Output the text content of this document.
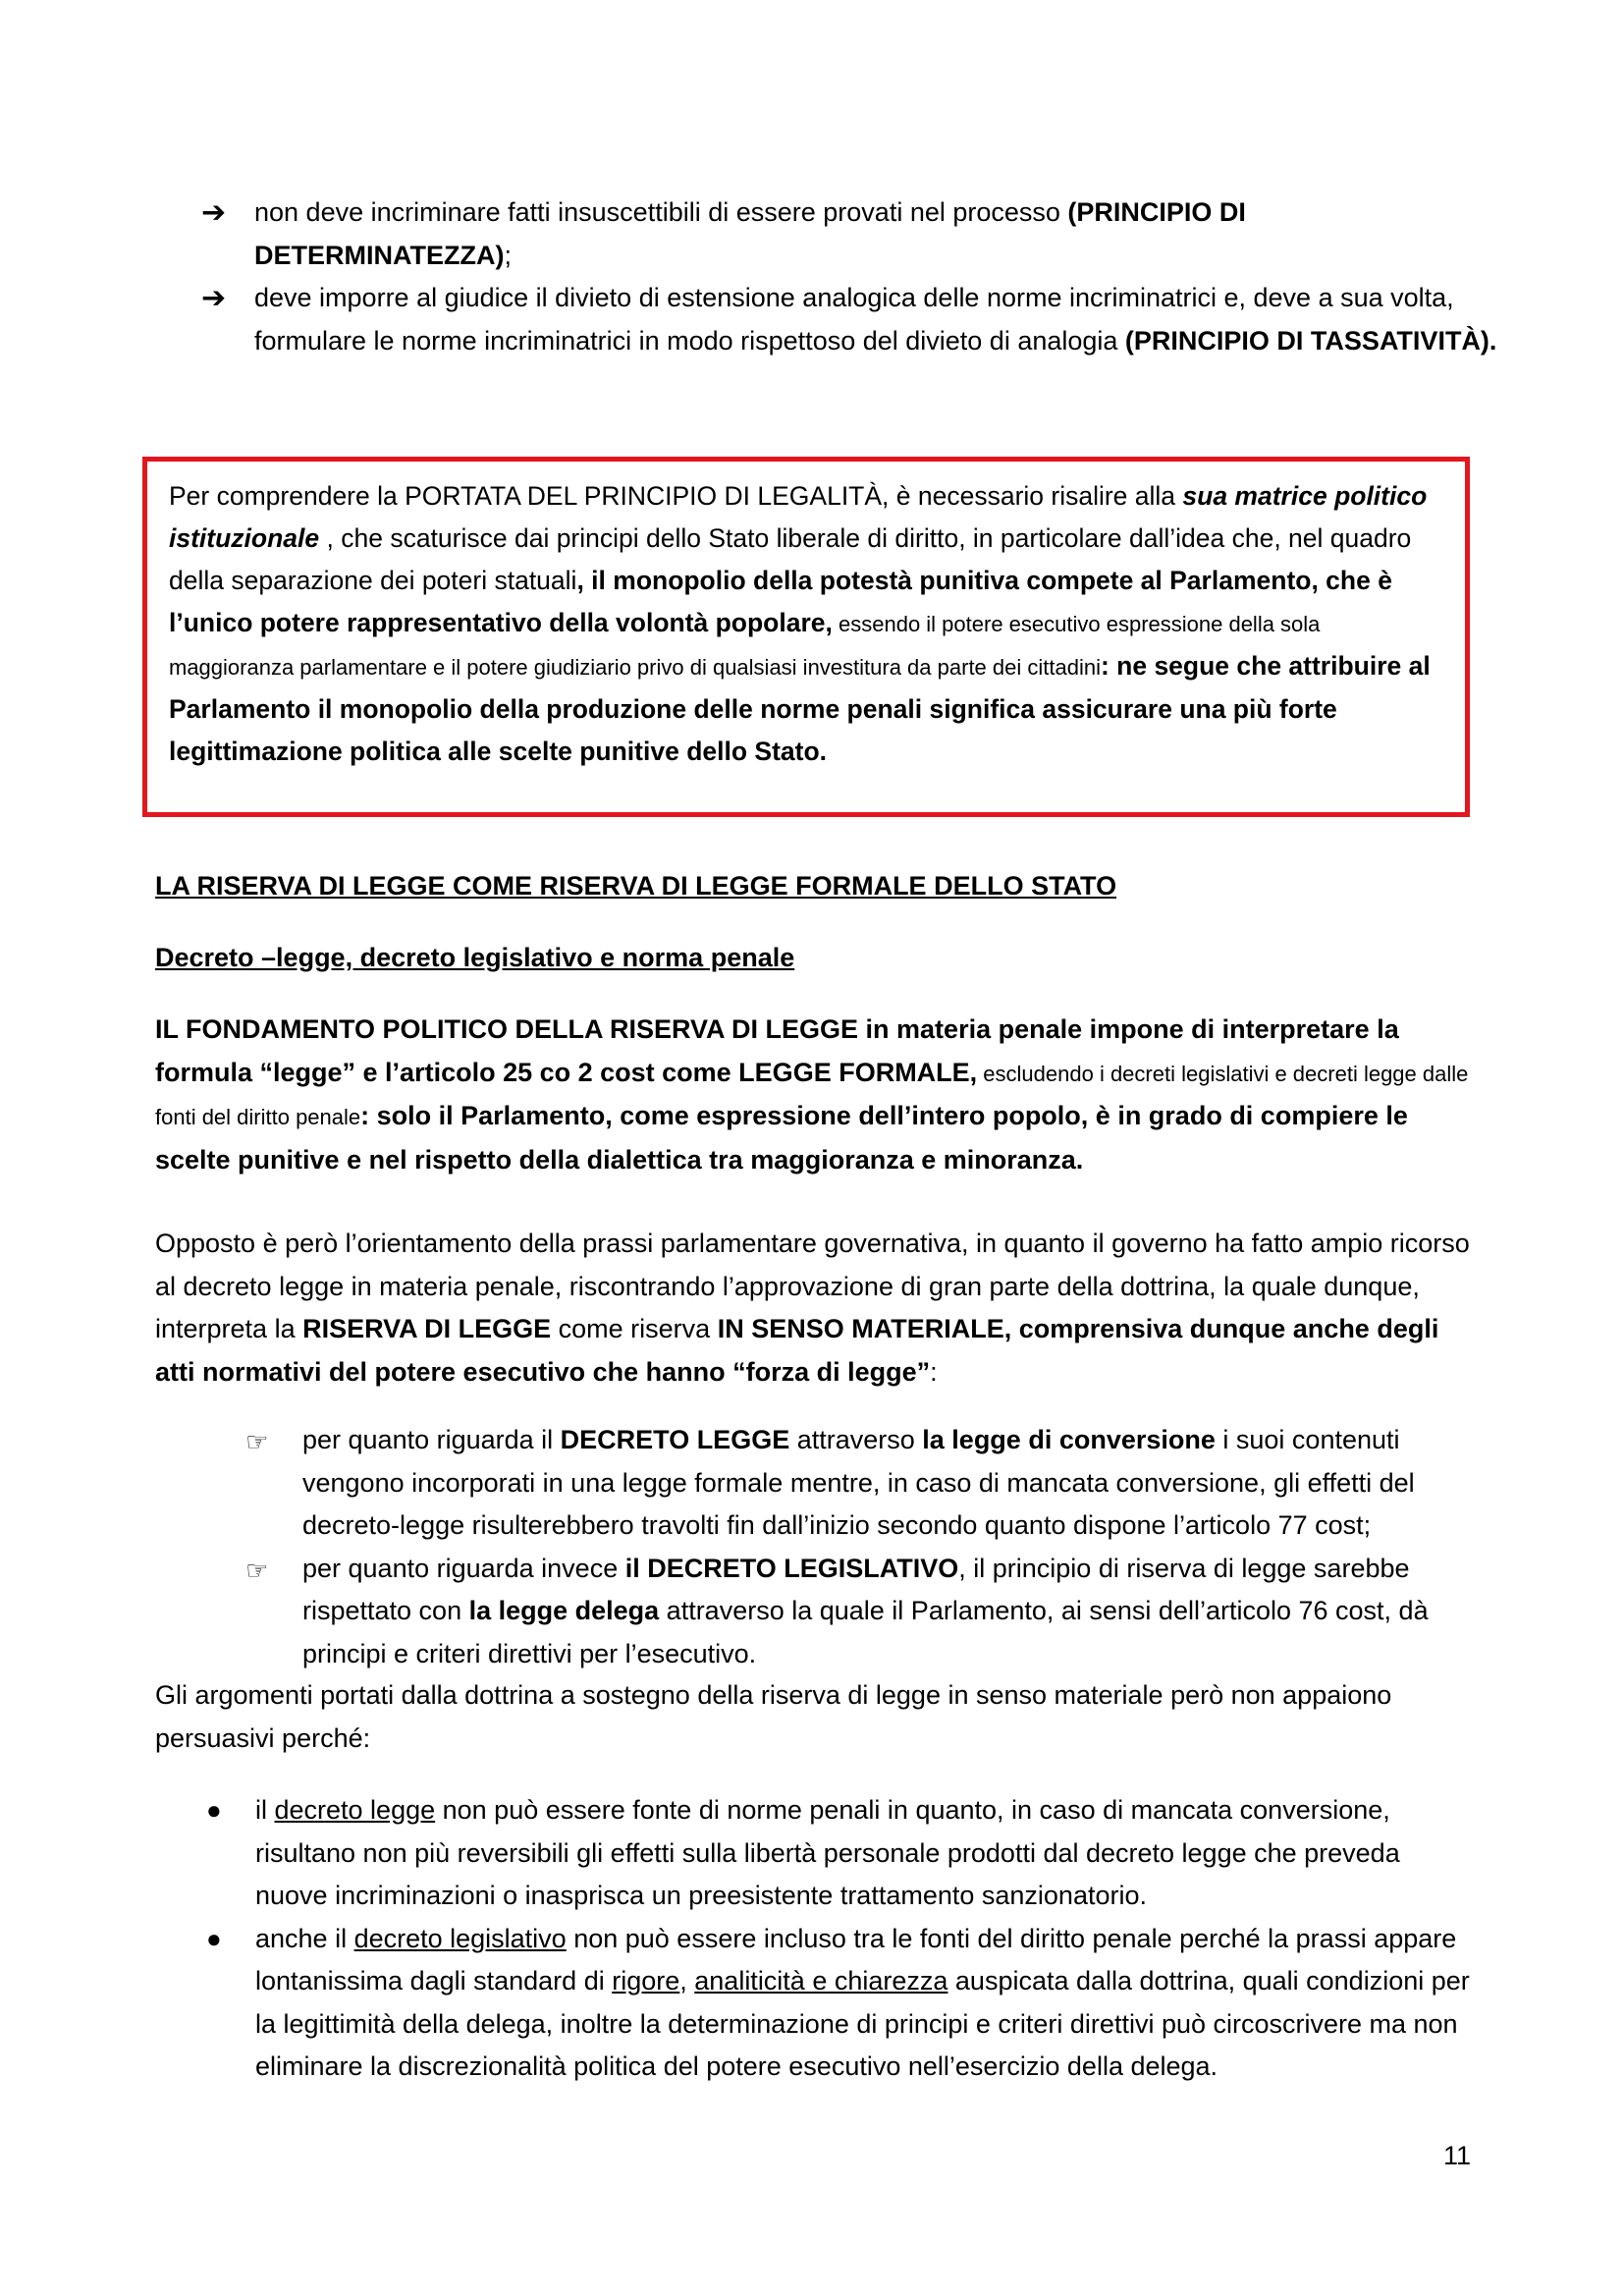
➔ non deve incriminare fatti insuscettibili di essere provati nel processo (PRINCIPIO DI DETERMINATEZZA);

➔ deve imporre al giudice il divieto di estensione analogica delle norme incriminatrici e, deve a sua volta, formulare le norme incriminatrici in modo rispettoso del divieto di analogia (PRINCIPIO DI TASSATIVITÀ).

Per comprendere la PORTATA DEL PRINCIPIO DI LEGALITÀ, è necessario risalire alla sua matrice politico istituzionale , che scaturisce dai principi dello Stato liberale di diritto, in particolare dall’idea che, nel quadro della separazione dei poteri statuali, il monopolio della potestà punitiva compete al Parlamento, che è l’unico potere rappresentativo della volontà popolare, essendo il potere esecutivo espressione della sola maggioranza parlamentare e il potere giudiziario privo di qualsiasi investitura da parte dei cittadini: ne segue che attribuire al Parlamento il monopolio della produzione delle norme penali significa assicurare una più forte legittimazione politica alle scelte punitive dello Stato.

LA RISERVA DI LEGGE COME RISERVA DI LEGGE FORMALE DELLO STATO

Decreto –legge, decreto legislativo e norma penale

IL FONDAMENTO POLITICO DELLA RISERVA DI LEGGE in materia penale impone di interpretare la formula “legge” e l’articolo 25 co 2 cost come LEGGE FORMALE, escludendo i decreti legislativi e decreti legge dalle fonti del diritto penale: solo il Parlamento, come espressione dell’intero popolo, è in grado di compiere le scelte punitive e nel rispetto della dialettica tra maggioranza e minoranza.

Opposto è però l’orientamento della prassi parlamentare governativa, in quanto il governo ha fatto ampio ricorso al decreto legge in materia penale, riscontrando l’approvazione di gran parte della dottrina, la quale dunque, interpreta la RISERVA DI LEGGE come riserva IN SENSO MATERIALE, comprensiva dunque anche degli atti normativi del potere esecutivo che hanno “forza di legge”:

☞ per quanto riguarda il DECRETO LEGGE attraverso la legge di conversione i suoi contenuti vengono incorporati in una legge formale mentre, in caso di mancata conversione, gli effetti del decreto-legge risulterebbero travolti fin dall’inizio secondo quanto dispone l’articolo 77 cost;

☞ per quanto riguarda invece il DECRETO LEGISLATIVO, il principio di riserva di legge sarebbe rispettato con la legge delega attraverso la quale il Parlamento, ai sensi dell’articolo 76 cost, dà principi e criteri direttivi per l’esecutivo.

Gli argomenti portati dalla dottrina a sostegno della riserva di legge in senso materiale però non appaiono persuasivi perché:

● il decreto legge non può essere fonte di norme penali in quanto, in caso di mancata conversione, risultano non più reversibili gli effetti sulla libertà personale prodotti dal decreto legge che preveda nuove incriminazioni o inasprisca un preesistente trattamento sanzionatorio.

● anche il decreto legislativo non può essere incluso tra le fonti del diritto penale perché la prassi appare lontanissima dagli standard di rigore, analiticità e chiarezza auspicata dalla dottrina, quali condizioni per la legittimità della delega, inoltre la determinazione di principi e criteri direttivi può circoscrivere ma non eliminare la discrezionalità politica del potere esecutivo nell’esercizio della delega.

11
